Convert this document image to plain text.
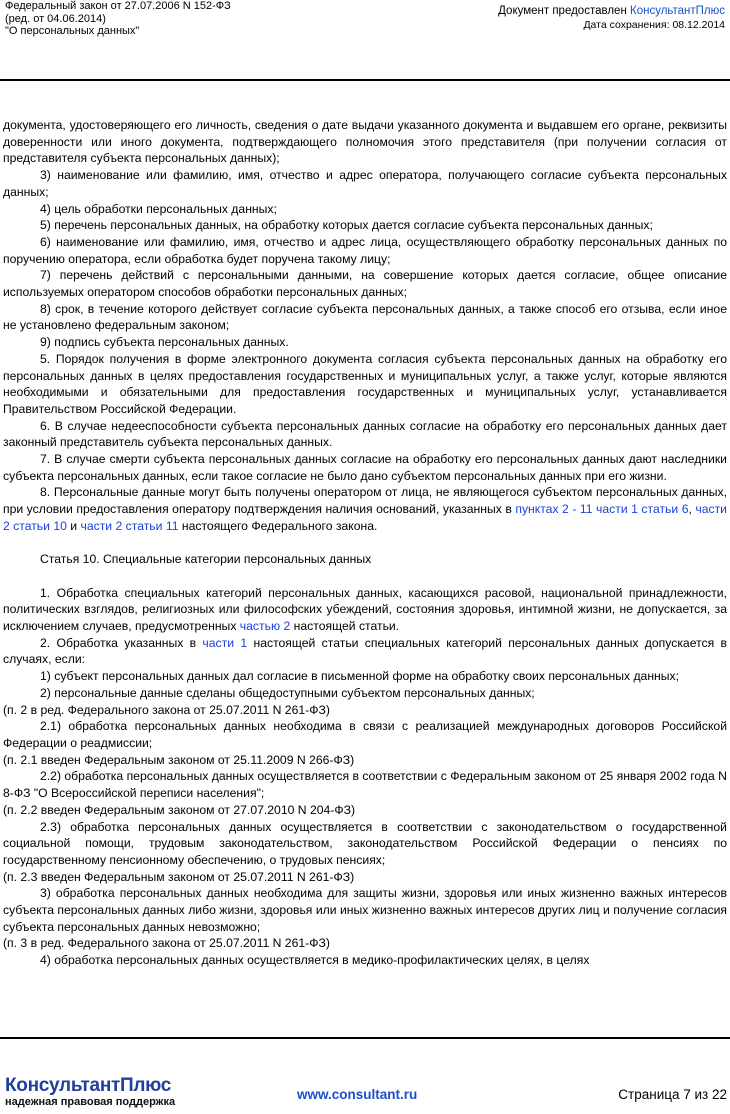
Федеральный закон от 27.07.2006 N 152-ФЗ
(ред. от 04.06.2014)
"О персональных данных"
Документ предоставлен КонсультантПлюс
Дата сохранения: 08.12.2014

документа, удостоверяющего его личность, сведения о дате выдачи указанного документа и выдавшем его органе, реквизиты доверенности или иного документа, подтверждающего полномочия этого представителя (при получении согласия от представителя субъекта персональных данных);

3) наименование или фамилию, имя, отчество и адрес оператора, получающего согласие субъекта персональных данных;

4) цель обработки персональных данных;

5) перечень персональных данных, на обработку которых дается согласие субъекта персональных данных;

6) наименование или фамилию, имя, отчество и адрес лица, осуществляющего обработку персональных данных по поручению оператора, если обработка будет поручена такому лицу;

7) перечень действий с персональными данными, на совершение которых дается согласие, общее описание используемых оператором способов обработки персональных данных;

8) срок, в течение которого действует согласие субъекта персональных данных, а также способ его отзыва, если иное не установлено федеральным законом;

9) подпись субъекта персональных данных.

5. Порядок получения в форме электронного документа согласия субъекта персональных данных на обработку его персональных данных в целях предоставления государственных и муниципальных услуг, а также услуг, которые являются необходимыми и обязательными для предоставления государственных и муниципальных услуг, устанавливается Правительством Российской Федерации.

6. В случае недееспособности субъекта персональных данных согласие на обработку его персональных данных дает законный представитель субъекта персональных данных.

7. В случае смерти субъекта персональных данных согласие на обработку его персональных данных дают наследники субъекта персональных данных, если такое согласие не было дано субъектом персональных данных при его жизни.

8. Персональные данные могут быть получены оператором от лица, не являющегося субъектом персональных данных, при условии предоставления оператору подтверждения наличия оснований, указанных в пунктах 2 - 11 части 1 статьи 6, части 2 статьи 10 и части 2 статьи 11 настоящего Федерального закона.

Статья 10. Специальные категории персональных данных

1. Обработка специальных категорий персональных данных, касающихся расовой, национальной принадлежности, политических взглядов, религиозных или философских убеждений, состояния здоровья, интимной жизни, не допускается, за исключением случаев, предусмотренных частью 2 настоящей статьи.

2. Обработка указанных в части 1 настоящей статьи специальных категорий персональных данных допускается в случаях, если:

1) субъект персональных данных дал согласие в письменной форме на обработку своих персональных данных;

2) персональные данные сделаны общедоступными субъектом персональных данных;

(п. 2 в ред. Федерального закона от 25.07.2011 N 261-ФЗ)

2.1) обработка персональных данных необходима в связи с реализацией международных договоров Российской Федерации о реадмиссии;

(п. 2.1 введен Федеральным законом от 25.11.2009 N 266-ФЗ)

2.2) обработка персональных данных осуществляется в соответствии с Федеральным законом от 25 января 2002 года N 8-ФЗ "О Всероссийской переписи населения";

(п. 2.2 введен Федеральным законом от 27.07.2010 N 204-ФЗ)

2.3) обработка персональных данных осуществляется в соответствии с законодательством о государственной социальной помощи, трудовым законодательством, законодательством Российской Федерации о пенсиях по государственному пенсионному обеспечению, о трудовых пенсиях;

(п. 2.3 введен Федеральным законом от 25.07.2011 N 261-ФЗ)

3) обработка персональных данных необходима для защиты жизни, здоровья или иных жизненно важных интересов субъекта персональных данных либо жизни, здоровья или иных жизненно важных интересов других лиц и получение согласия субъекта персональных данных невозможно;

(п. 3 в ред. Федерального закона от 25.07.2011 N 261-ФЗ)

4) обработка персональных данных осуществляется в медико-профилактических целях, в целях

КонсультантПлюс
надежная правовая поддержка	www.consultant.ru	Страница 7 из 22
